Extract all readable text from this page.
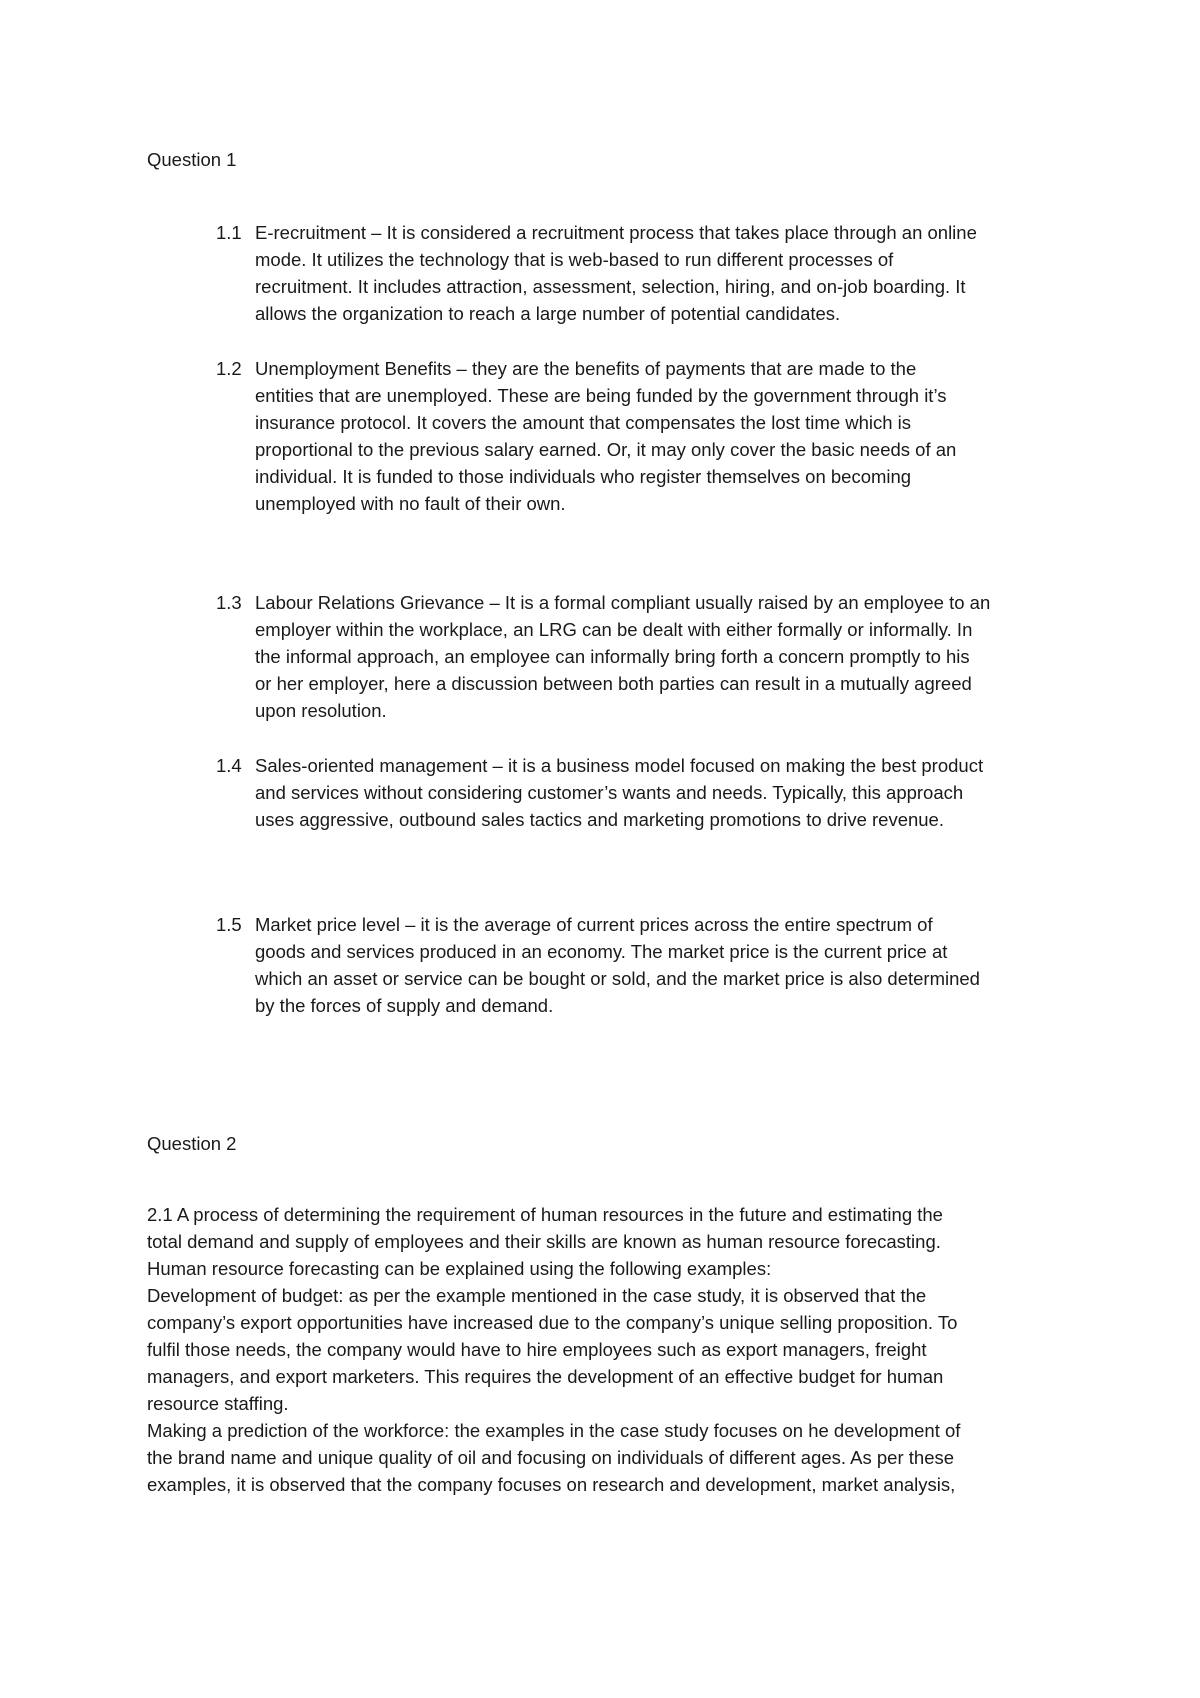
Question 1
1.1 E-recruitment – It is considered a recruitment process that takes place through an online
mode. It utilizes the technology that is web-based to run different processes of
recruitment. It includes attraction, assessment, selection, hiring, and on-job boarding. It
allows the organization to reach a large number of potential candidates.
1.2 Unemployment Benefits – they are the benefits of payments that are made to the
entities that are unemployed. These are being funded by the government through it’s
insurance protocol. It covers the amount that compensates the lost time which is
proportional to the previous salary earned. Or, it may only cover the basic needs of an
individual. It is funded to those individuals who register themselves on becoming
unemployed with no fault of their own.
1.3 Labour Relations Grievance – It is a formal compliant usually raised by an employee to an
employer within the workplace, an LRG can be dealt with either formally or informally. In
the informal approach, an employee can informally bring forth a concern promptly to his
or her employer, here a discussion between both parties can result in a mutually agreed
upon resolution.
1.4 Sales-oriented management – it is a business model focused on making the best product
and services without considering customer’s wants and needs. Typically, this approach
uses aggressive, outbound sales tactics and marketing promotions to drive revenue.
1.5 Market price level – it is the average of current prices across the entire spectrum of
goods and services produced in an economy. The market price is the current price at
which an asset or service can be bought or sold, and the market price is also determined
by the forces of supply and demand.
Question 2

2.1 A process of determining the requirement of human resources in the future and estimating the
total demand and supply of employees and their skills are known as human resource forecasting.

Human resource forecasting can be explained using the following examples:

Development of budget: as per the example mentioned in the case study, it is observed that the
company’s export opportunities have increased due to the company’s unique selling proposition. To
fulfil those needs, the company would have to hire employees such as export managers, freight
managers, and export marketers. This requires the development of an effective budget for human
resource staffing.

Making a prediction of the workforce: the examples in the case study focuses on he development of
the brand name and unique quality of oil and focusing on individuals of different ages. As per these
examples, it is observed that the company focuses on research and development, market analysis,
